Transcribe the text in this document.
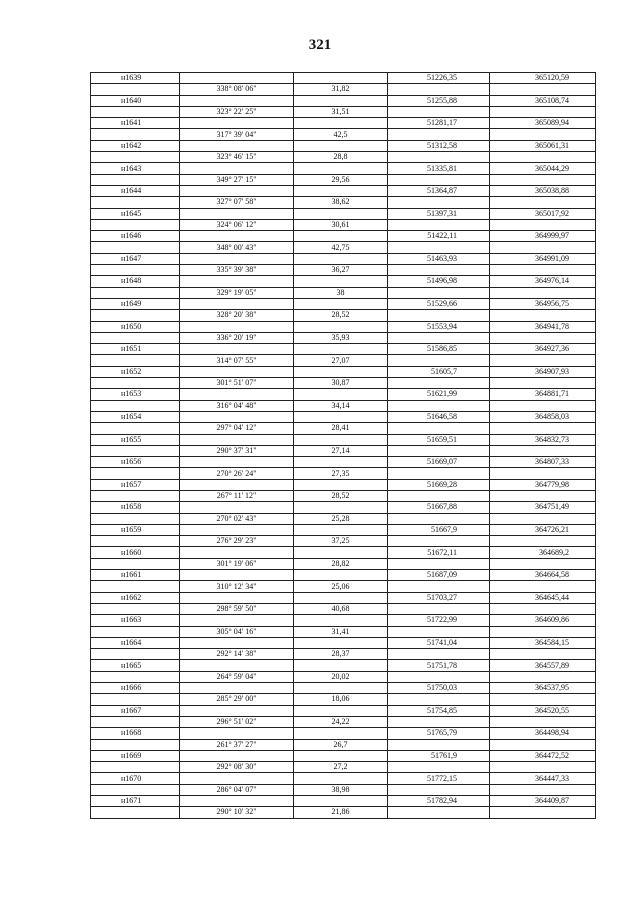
321
н1639			51226,35	365120,59
	338° 08' 06"	31,82		
н1640			51255,88	365108,74
	323° 22' 25"	31,51		
н1641			51281,17	365089,94
	317° 39' 04"	42,5		
н1642			51312,58	365061,31
	323° 46' 15"	28,8		
н1643			51335,81	365044,29
	349° 27' 15"	29,56		
н1644			51364,87	365038,88
	327° 07' 58"	38,62		
н1645			51397,31	365017,92
	324° 06' 12"	30,61		
н1646			51422,11	364999,97
	348° 00' 43"	42,75		
н1647			51463,93	364991,09
	335° 39' 38"	36,27		
н1648			51496,98	364976,14
	329° 19' 05"	38		
н1649			51529,66	364956,75
	328° 20' 38"	28,52		
н1650			51553,94	364941,78
	336° 20' 19"	35,93		
н1651			51586,85	364927,36
	314° 07' 55"	27,07		
н1652			51605,7	364907,93
	301° 51' 07"	30,87		
н1653			51621,99	364881,71
	316° 04' 48"	34,14		
н1654			51646,58	364858,03
	297° 04' 12"	28,41		
н1655			51659,51	364832,73
	290° 37' 31"	27,14		
н1656			51669,07	364807,33
	270° 26' 24"	27,35		
н1657			51669,28	364779,98
	267° 11' 12"	28,52		
н1658			51667,88	364751,49
	270° 02' 43"	25,28		
н1659			51667,9	364726,21
	276° 29' 23"	37,25		
н1660			51672,11	364689,2
	301° 19' 06"	28,82		
н1661			51687,09	364664,58
	310° 12' 34"	25,06		
н1662			51703,27	364645,44
	298° 59' 50"	40,68		
н1663			51722,99	364609,86
	305° 04' 16"	31,41		
н1664			51741,04	364584,15
	292° 14' 38"	28,37		
н1665			51751,78	364557,89
	264° 59' 04"	20,02		
н1666			51750,03	364537,95
	285° 29' 00"	18,06		
н1667			51754,85	364520,55
	296° 51' 02"	24,22		
н1668			51765,79	364498,94
	261° 37' 27"	26,7		
н1669			51761,9	364472,52
	292° 08' 30"	27,2		
н1670			51772,15	364447,33
	286° 04' 07"	38,98		
н1671			51782,94	364409,87
	290° 10' 32"	21,86		
